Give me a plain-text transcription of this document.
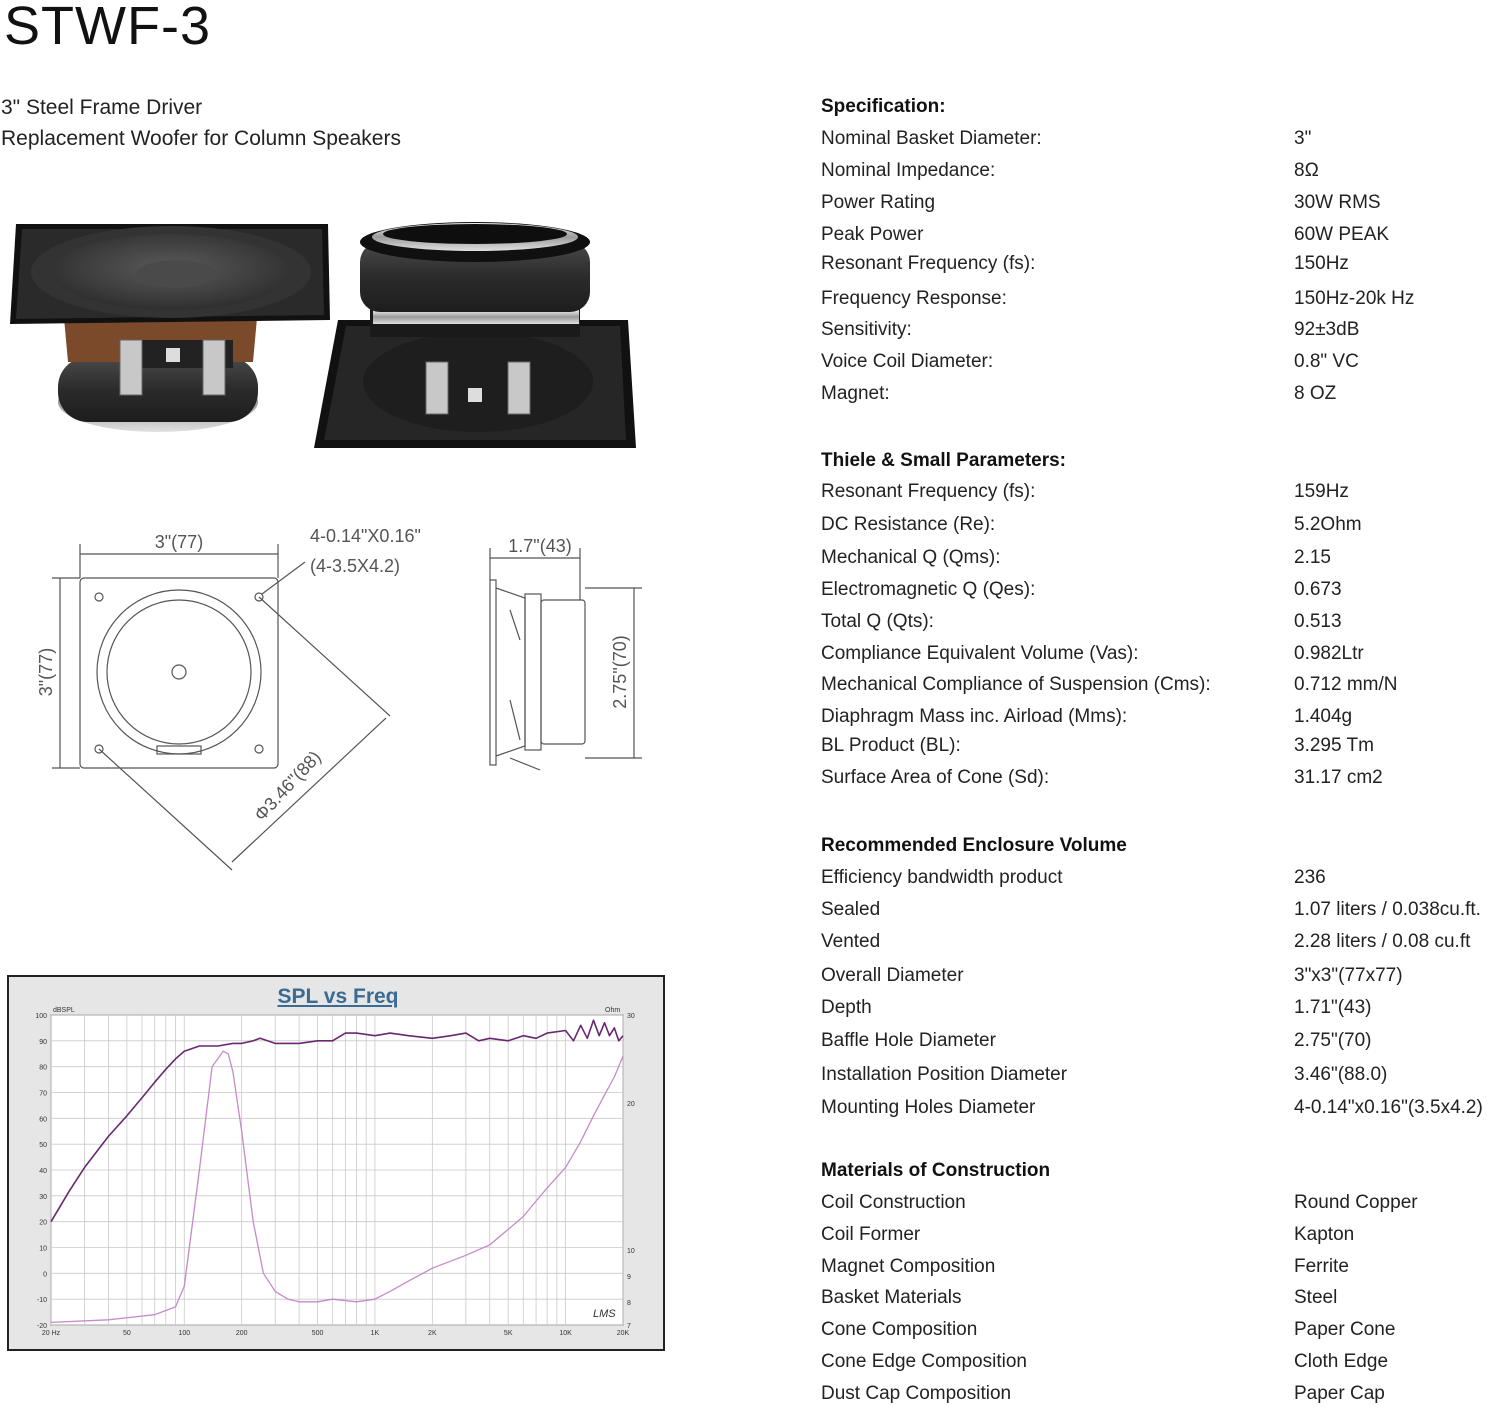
STWF-3
3" Steel Frame Driver
Replacement Woofer for Column Speakers
3"(77)	4-0.14"X0.16"
(4-3.5X4.2)
3"(77)
Φ3.46"(88)
1.7"(43)
2.75"(70)
SPL vs Freq
100
90
80
70
60
50
40
30
20
10
0
-10
-20
30
20
10
9
8
7
dBSPL	Ohm
20 Hz	50	100	200	500	1K	2K	5K	10K	20K
LMS
Specification:
Nominal Basket Diameter:	3"
Nominal Impedance:	8Ω
Power Rating	30W RMS
Peak Power	60W PEAK
Resonant Frequency (fs):	150Hz
Frequency Response:	150Hz-20k Hz
Sensitivity:	92±3dB
Voice Coil Diameter:	0.8" VC
Magnet:	8 OZ
Thiele & Small Parameters:
Resonant Frequency (fs):	159Hz
DC Resistance (Re):	5.2Ohm
Mechanical Q (Qms):	2.15
Electromagnetic Q (Qes):	0.673
Total Q (Qts):	0.513
Compliance Equivalent Volume (Vas):	0.982Ltr
Mechanical Compliance of Suspension (Cms):	0.712 mm/N
Diaphragm Mass inc. Airload (Mms):	1.404g
BL Product (BL):	3.295 Tm
Surface Area of Cone (Sd):	31.17 cm2
Recommended Enclosure Volume
Efficiency bandwidth product	236
Sealed	1.07 liters / 0.038cu.ft.
Vented	2.28 liters / 0.08 cu.ft
Overall Diameter	3"x3"(77x77)
Depth	1.71"(43)
Baffle Hole Diameter	2.75"(70)
Installation Position Diameter	3.46"(88.0)
Mounting Holes Diameter	4-0.14"x0.16"(3.5x4.2)
Materials of Construction
Coil Construction	Round Copper
Coil Former	Kapton
Magnet Composition	Ferrite
Basket Materials	Steel
Cone Composition	Paper Cone
Cone Edge Composition	Cloth Edge
Dust Cap Composition	Paper Cap
